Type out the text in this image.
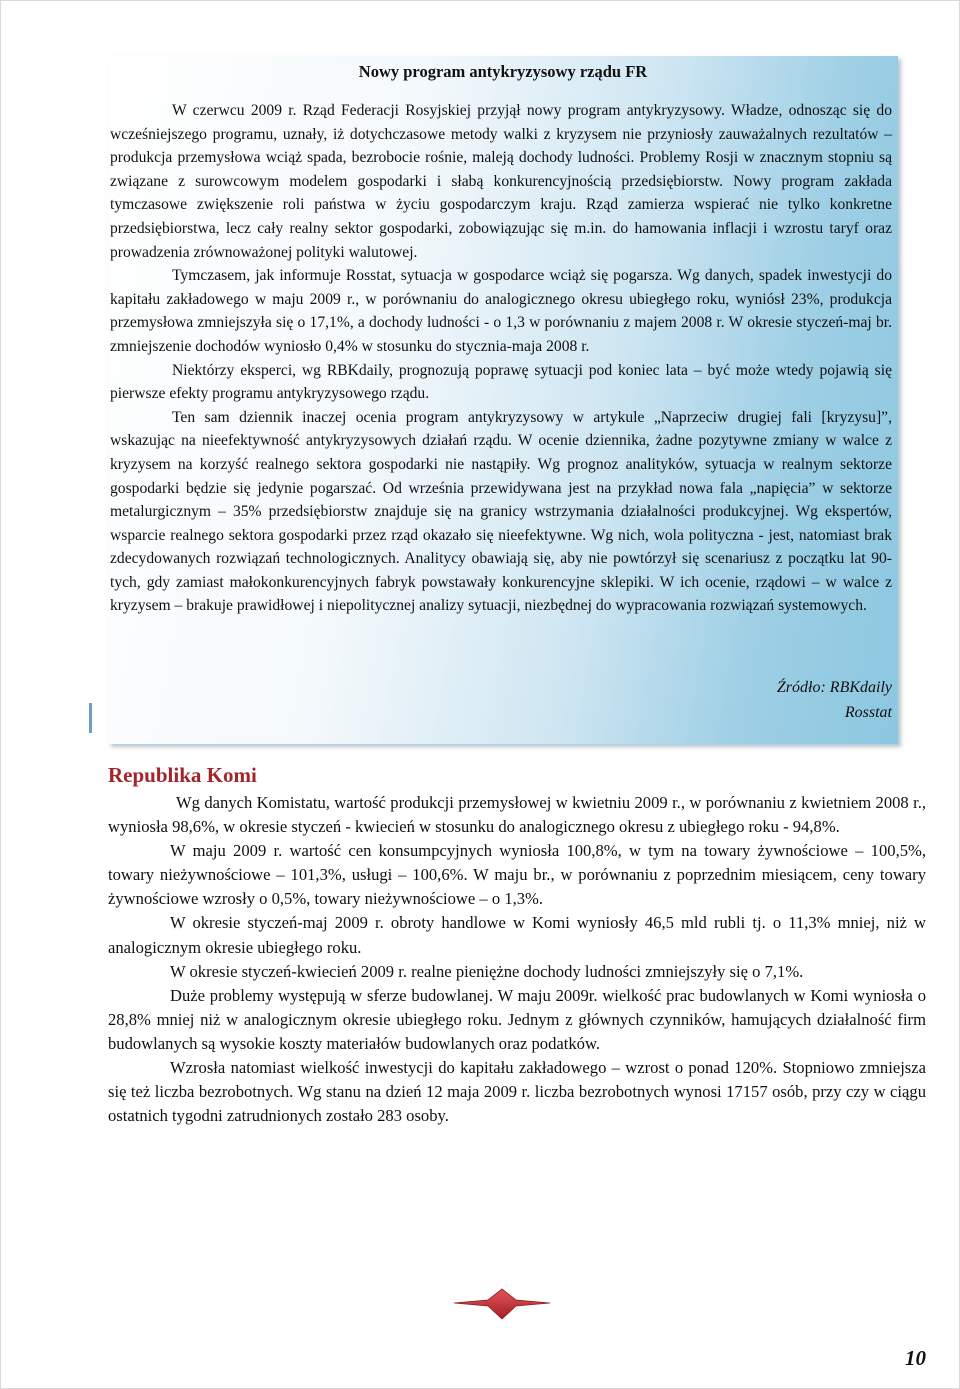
Nowy program antykryzysowy rządu FR

W czerwcu 2009 r. Rząd Federacji Rosyjskiej przyjął nowy program antykryzysowy. Władze, odnosząc się do wcześniejszego programu, uznały, iż dotychczasowe metody walki z kryzysem nie przyniosły zauważalnych rezultatów – produkcja przemysłowa wciąż spada, bezrobocie rośnie, maleją dochody ludności. Problemy Rosji w znacznym stopniu są związane z surowcowym modelem gospodarki i słabą konkurencyjnością przedsiębiorstw. Nowy program zakłada tymczasowe zwiększenie roli państwa w życiu gospodarczym kraju. Rząd zamierza wspierać nie tylko konkretne przedsiębiorstwa, lecz cały realny sektor gospodarki, zobowiązując się m.in. do hamowania inflacji i wzrostu taryf oraz prowadzenia zrównoważonej polityki walutowej.

Tymczasem, jak informuje Rosstat, sytuacja w gospodarce wciąż się pogarsza. Wg danych, spadek inwestycji do kapitału zakładowego w maju 2009 r., w porównaniu do analogicznego okresu ubiegłego roku, wyniósł 23%, produkcja przemysłowa zmniejszyła się o 17,1%, a dochody ludności - o 1,3 w porównaniu z majem 2008 r. W okresie styczeń-maj br. zmniejszenie dochodów wyniosło 0,4% w stosunku do stycznia-maja 2008 r.

Niektórzy eksperci, wg RBKdaily, prognozują poprawę sytuacji pod koniec lata – być może wtedy pojawią się pierwsze efekty programu antykryzysowego rządu.

Ten sam dziennik inaczej ocenia program antykryzysowy w artykule „Naprzeciw drugiej fali [kryzysu]”, wskazując na nieefektywność antykryzysowych działań rządu. W ocenie dziennika, żadne pozytywne zmiany w walce z kryzysem na korzyść realnego sektora gospodarki nie nastąpiły. Wg prognoz analityków, sytuacja w realnym sektorze gospodarki będzie się jedynie pogarszać. Od września przewidywana jest na przykład nowa fala „napięcia” w sektorze metalurgicznym – 35% przedsiębiorstw znajduje się na granicy wstrzymania działalności produkcyjnej. Wg ekspertów, wsparcie realnego sektora gospodarki przez rząd okazało się nieefektywne. Wg nich, wola polityczna - jest, natomiast brak zdecydowanych rozwiązań technologicznych. Analitycy obawiają się, aby nie powtórzył się scenariusz z początku lat 90-tych, gdy zamiast małokonkurencyjnych fabryk powstawały konkurencyjne sklepiki. W ich ocenie, rządowi – w walce z kryzysem – brakuje prawidłowej i niepolitycznej analizy sytuacji, niezbędnej do wypracowania rozwiązań systemowych.

Źródło: RBKdaily
Rosstat
Republika Komi

Wg danych Komistatu, wartość produkcji przemysłowej w kwietniu 2009 r., w porównaniu z kwietniem 2008 r., wyniosła 98,6%, w okresie styczeń - kwiecień w stosunku do analogicznego okresu z ubiegłego roku - 94,8%.

W maju 2009 r. wartość cen konsumpcyjnych wyniosła 100,8%, w tym na towary żywnościowe – 100,5%, towary nieżywnościowe – 101,3%, usługi – 100,6%. W maju br., w porównaniu z poprzednim miesiącem, ceny towary żywnościowe wzrosły o 0,5%, towary nieżywnościowe – o 1,3%.

W okresie styczeń-maj 2009 r. obroty handlowe w Komi wyniosły 46,5 mld rubli tj. o 11,3% mniej, niż w analogicznym okresie ubiegłego roku.

W okresie styczeń-kwiecień 2009 r. realne pieniężne dochody ludności zmniejszyły się o 7,1%.

Duże problemy występują w sferze budowlanej. W maju 2009r. wielkość prac budowlanych w Komi wyniosła o 28,8% mniej niż w analogicznym okresie ubiegłego roku. Jednym z głównych czynników, hamujących działalność firm budowlanych są wysokie koszty materiałów budowlanych oraz podatków.

Wzrosła natomiast wielkość inwestycji do kapitału zakładowego – wzrost o ponad 120%. Stopniowo zmniejsza się też liczba bezrobotnych. Wg stanu na dzień 12 maja 2009 r. liczba bezrobotnych wynosi 17157 osób, przy czy w ciągu ostatnich tygodni zatrudnionych zostało 283 osoby.

10
